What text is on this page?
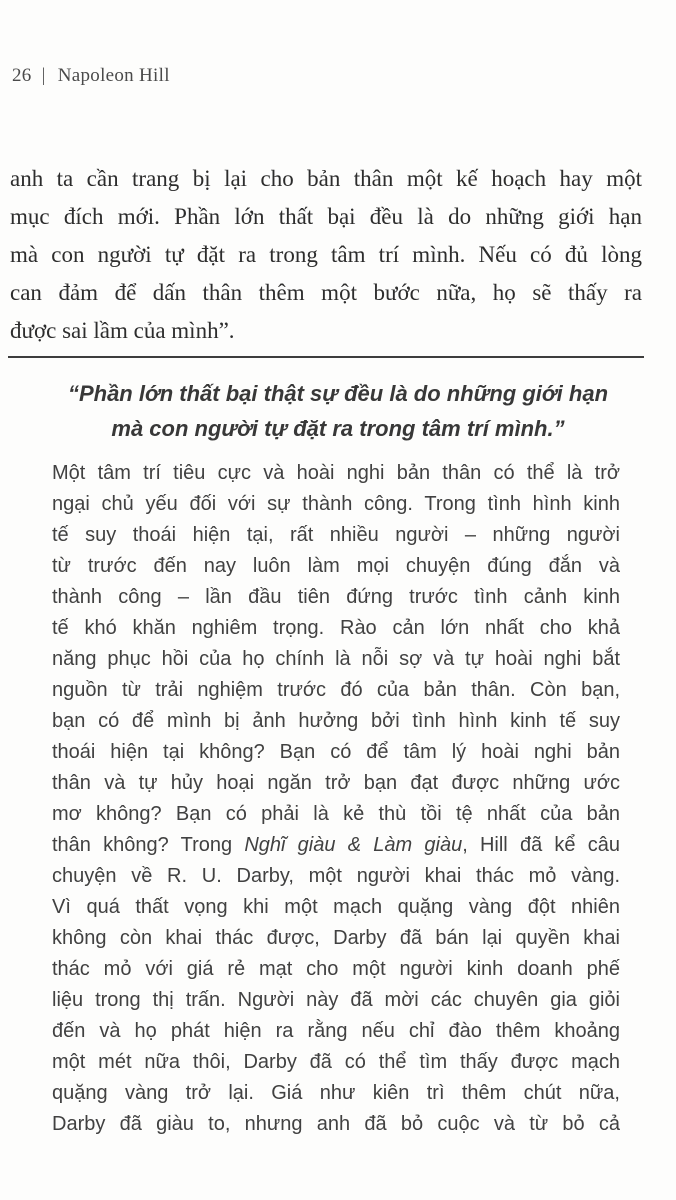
26 | Napoleon Hill
anh ta cần trang bị lại cho bản thân một kế hoạch hay một
mục đích mới. Phần lớn thất bại đều là do những giới hạn
mà con người tự đặt ra trong tâm trí mình. Nếu có đủ lòng
can đảm để dấn thân thêm một bước nữa, họ sẽ thấy ra
được sai lầm của mình”.
“Phần lớn thất bại thật sự đều là do những giới hạn
mà con người tự đặt ra trong tâm trí mình.”
Một tâm trí tiêu cực và hoài nghi bản thân có thể là trở
ngại chủ yếu đối với sự thành công. Trong tình hình kinh
tế suy thoái hiện tại, rất nhiều người – những người
từ trước đến nay luôn làm mọi chuyện đúng đắn và
thành công – lần đầu tiên đứng trước tình cảnh kinh
tế khó khăn nghiêm trọng. Rào cản lớn nhất cho khả
năng phục hồi của họ chính là nỗi sợ và tự hoài nghi bắt
nguồn từ trải nghiệm trước đó của bản thân. Còn bạn,
bạn có để mình bị ảnh hưởng bởi tình hình kinh tế suy
thoái hiện tại không? Bạn có để tâm lý hoài nghi bản
thân và tự hủy hoại ngăn trở bạn đạt được những ước
mơ không? Bạn có phải là kẻ thù tồi tệ nhất của bản
thân không? Trong Nghĩ giàu & Làm giàu, Hill đã kể câu
chuyện về R. U. Darby, một người khai thác mỏ vàng.
Vì quá thất vọng khi một mạch quặng vàng đột nhiên
không còn khai thác được, Darby đã bán lại quyền khai
thác mỏ với giá rẻ mạt cho một người kinh doanh phế
liệu trong thị trấn. Người này đã mời các chuyên gia giỏi
đến và họ phát hiện ra rằng nếu chỉ đào thêm khoảng
một mét nữa thôi, Darby đã có thể tìm thấy được mạch
quặng vàng trở lại. Giá như kiên trì thêm chút nữa,
Darby đã giàu to, nhưng anh đã bỏ cuộc và từ bỏ cả
